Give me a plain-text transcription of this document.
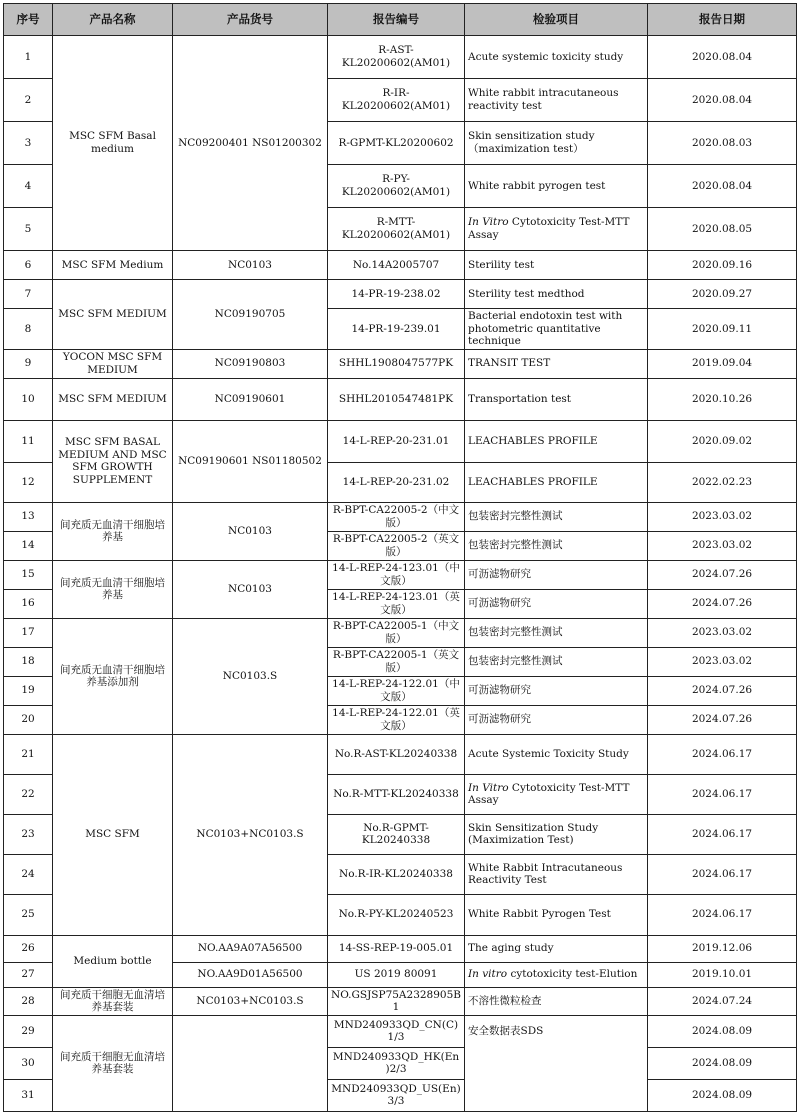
序号	产品名称	产品货号	报告编号	检验项目	报告日期
1	MSC SFM Basal medium	NC09200401 NS01200302	R-AST-KL20200602(AM01)	Acute systemic toxicity study	2020.08.04
2			R-IR-KL20200602(AM01)	White rabbit intracutaneous reactivity test	2020.08.04
3			R-GPMT-KL20200602	Skin sensitization study （maximization test）	2020.08.03
4			R-PY-KL20200602(AM01)	White rabbit pyrogen test	2020.08.04
5			R-MTT-KL20200602(AM01)	In Vitro Cytotoxicity Test-MTT Assay	2020.08.05
6	MSC SFM Medium	NC0103	No.14A2005707	Sterility test	2020.09.16
7	MSC SFM MEDIUM	NC09190705	14-PR-19-238.02	Sterility test medthod	2020.09.27
8			14-PR-19-239.01	Bacterial endotoxin test with photometric quantitative technique	2020.09.11
9	YOCON MSC SFM MEDIUM	NC09190803	SHHL1908047577PK	TRANSIT TEST	2019.09.04
10	MSC SFM MEDIUM	NC09190601	SHHL2010547481PK	Transportation test	2020.10.26
11	MSC SFM BASAL MEDIUM AND MSC SFM GROWTH SUPPLEMENT	NC09190601 NS01180502	14-L-REP-20-231.01	LEACHABLES PROFILE	2020.09.02
12			14-L-REP-20-231.02	LEACHABLES PROFILE	2022.02.23
13	间充质无血清干细胞培养基	NC0103	R-BPT-CA22005-2（中文版）	包装密封完整性测试	2023.03.02
14			R-BPT-CA22005-2（英文版）	包装密封完整性测试	2023.03.02
15	间充质无血清干细胞培养基	NC0103	14-L-REP-24-123.01（中文版）	可沥滤物研究	2024.07.26
16			14-L-REP-24-123.01（英文版）	可沥滤物研究	2024.07.26
17	间充质无血清干细胞培养基添加剂	NC0103.S	R-BPT-CA22005-1（中文版）	包装密封完整性测试	2023.03.02
18			R-BPT-CA22005-1（英文版）	包装密封完整性测试	2023.03.02
19			14-L-REP-24-122.01（中文版）	可沥滤物研究	2024.07.26
20			14-L-REP-24-122.01（英文版）	可沥滤物研究	2024.07.26
21	MSC SFM	NC0103+NC0103.S	No.R-AST-KL20240338	Acute Systemic Toxicity Study	2024.06.17
22			No.R-MTT-KL20240338	In Vitro Cytotoxicity Test-MTT Assay	2024.06.17
23			No.R-GPMT-KL20240338	Skin Sensitization Study (Maximization Test)	2024.06.17
24			No.R-IR-KL20240338	White Rabbit Intracutaneous Reactivity Test	2024.06.17
25			No.R-PY-KL20240523	White Rabbit Pyrogen Test	2024.06.17
26	Medium bottle	NO.AA9A07A56500	14-SS-REP-19-005.01	The aging study	2019.12.06
27		NO.AA9D01A56500	US 2019 80091	In vitro cytotoxicity test-Elution	2019.10.01
28	间充质干细胞无血清培养基套装	NC0103+NC0103.S	NO.GSJSP75A2328905B1	不溶性微粒检查	2024.07.24
29	间充质干细胞无血清培养基套装		MND240933QD_CN(C)1/3	安全数据表SDS	2024.08.09
30			MND240933QD_HK(En)2/3		2024.08.09
31			MND240933QD_US(En)3/3		2024.08.09
